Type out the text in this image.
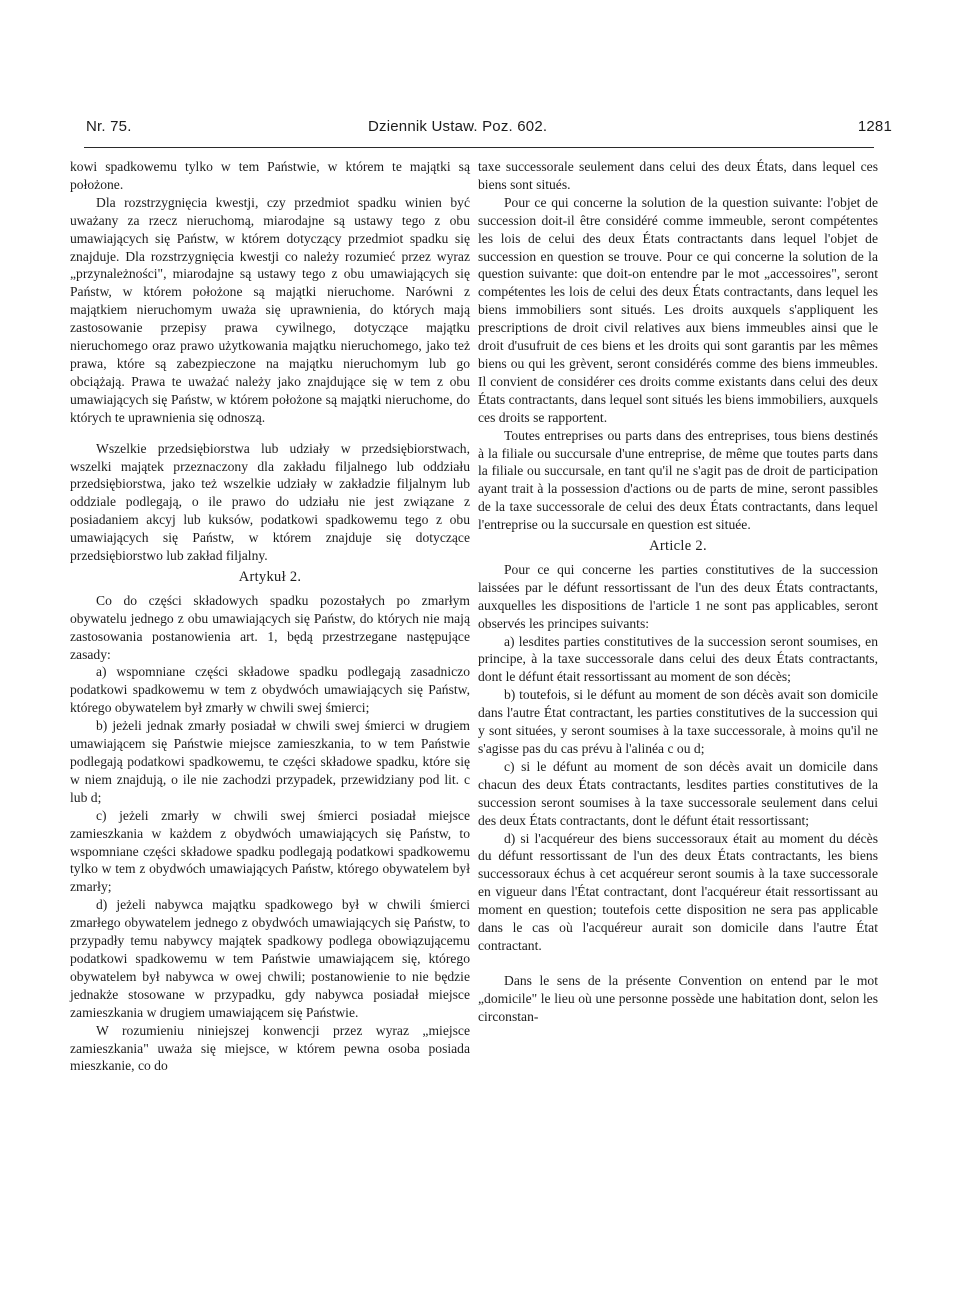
Nr. 75.	Dziennik Ustaw. Poz. 602.	1281

kowi spadkowemu tylko w tem Państwie, w którem te majątki są położone.

Dla rozstrzygnięcia kwestji, czy przedmiot spadku winien być uważany za rzecz nieruchomą, miarodajne są ustawy tego z obu umawiających się Państw, w którem dotyczący przedmiot spadku się znajduje. Dla rozstrzygnięcia kwestji co należy rozumieć przez wyraz „przynależności", miarodajne są ustawy tego z obu umawiających się Państw, w którem położone są majątki nieruchome. Narówni z majątkiem nieruchomym uważa się uprawnienia, do których mają zastosowanie przepisy prawa cywilnego, dotyczące majątku nieruchomego oraz prawo użytkowania majątku nieruchomego, jako też prawa, które są zabezpieczone na majątku nieruchomym lub go obciążają. Prawa te uważać należy jako znajdujące się w tem z obu umawiających się Państw, w którem położone są majątki nieruchome, do których te uprawnienia się odnoszą.

Wszelkie przedsiębiorstwa lub udziały w przedsiębiorstwach, wszelki majątek przeznaczony dla zakładu filjalnego lub oddziału przedsiębiorstwa, jako też wszelkie udziały w zakładzie filjalnym lub oddziale podlegają, o ile prawo do udziału nie jest związane z posiadaniem akcyj lub kuksów, podatkowi spadkowemu tego z obu umawiających się Państw, w którem znajduje się dotyczące przedsiębiorstwo lub zakład filjalny.

Artykuł 2.

Co do części składowych spadku pozostałych po zmarłym obywatelu jednego z obu umawiających się Państw, do których nie mają zastosowania postanowienia art. 1, będą przestrzegane następujące zasady:

a) wspomniane części składowe spadku podlegają zasadniczo podatkowi spadkowemu w tem z obydwóch umawiających się Państw, którego obywatelem był zmarły w chwili swej śmierci;

b) jeżeli jednak zmarły posiadał w chwili swej śmierci w drugiem umawiającem się Państwie miejsce zamieszkania, to w tem Państwie podlegają podatkowi spadkowemu, te części składowe spadku, które się w niem znajdują, o ile nie zachodzi przypadek, przewidziany pod lit. c lub d;

c) jeżeli zmarły w chwili swej śmierci posiadał miejsce zamieszkania w każdem z obydwóch umawiających się Państw, to wspomniane części składowe spadku podlegają podatkowi spadkowemu tylko w tem z obydwóch umawiających Państw, którego obywatelem był zmarły;

d) jeżeli nabywca majątku spadkowego był w chwili śmierci zmarłego obywatelem jednego z obydwóch umawiających się Państw, to przypadły temu nabywcy majątek spadkowy podlega obowiązującemu podatkowi spadkowemu w tem Państwie umawiającem się, którego obywatelem był nabywca w owej chwili; postanowienie to nie będzie jednakże stosowane w przypadku, gdy nabywca posiadał miejsce zamieszkania w drugiem umawiającem się Państwie.

W rozumieniu niniejszej konwencji przez wyraz „miejsce zamieszkania" uważa się miejsce, w którem pewna osoba posiada mieszkanie, co do

taxe successorale seulement dans celui des deux États, dans lequel ces biens sont situés.

Pour ce qui concerne la solution de la question suivante: l'objet de succession doit-il être considéré comme immeuble, seront compétentes les lois de celui des deux États contractants dans lequel l'objet de succession en question se trouve. Pour ce qui concerne la solution de la question suivante: que doit-on entendre par le mot „accessoires", seront compétentes les lois de celui des deux États contractants, dans lequel les biens immobiliers sont situés. Les droits auxquels s'appliquent les prescriptions de droit civil relatives aux biens immeubles ainsi que le droit d'usufruit de ces biens et les droits qui sont garantis par les mêmes biens ou qui les grèvent, seront considérés comme des biens immeubles. Il convient de considérer ces droits comme existants dans celui des deux États contractants, dans lequel sont situés les biens immobiliers, auxquels ces droits se rapportent.

Toutes entreprises ou parts dans des entreprises, tous biens destinés à la filiale ou succursale d'une entreprise, de même que toutes parts dans la filiale ou succursale, en tant qu'il ne s'agit pas de droit de participation ayant trait à la possession d'actions ou de parts de mine, seront passibles de la taxe successorale de celui des deux États contractants, dans lequel l'entreprise ou la succursale en question est située.

Article 2.

Pour ce qui concerne les parties constitutives de la succession laissées par le défunt ressortissant de l'un des deux États contractants, auxquelles les dispositions de l'article 1 ne sont pas applicables, seront observés les principes suivants:

a) lesdites parties constitutives de la succession seront soumises, en principe, à la taxe successorale dans celui des deux États contractants, dont le défunt était ressortissant au moment de son décès;

b) toutefois, si le défunt au moment de son décès avait son domicile dans l'autre État contractant, les parties constitutives de la succession qui y sont situées, y seront soumises à la taxe successorale, à moins qu'il ne s'agisse pas du cas prévu à l'alinéa c ou d;

c) si le défunt au moment de son décès avait un domicile dans chacun des deux États contractants, lesdites parties constitutives de la succession seront soumises à la taxe successorale seulement dans celui des deux États contractants, dont le défunt était ressortissant;

d) si l'acquéreur des biens successoraux était au moment du décès du défunt ressortissant de l'un des deux États contractants, les biens successoraux échus à cet acquéreur seront soumis à la taxe successorale en vigueur dans l'État contractant, dont l'acquéreur était ressortissant au moment en question; toutefois cette disposition ne sera pas applicable dans le cas où l'acquéreur aurait son domicile dans l'autre État contractant.

Dans le sens de la présente Convention on entend par le mot „domicile" le lieu où une personne possède une habitation dont, selon les circonstan-
